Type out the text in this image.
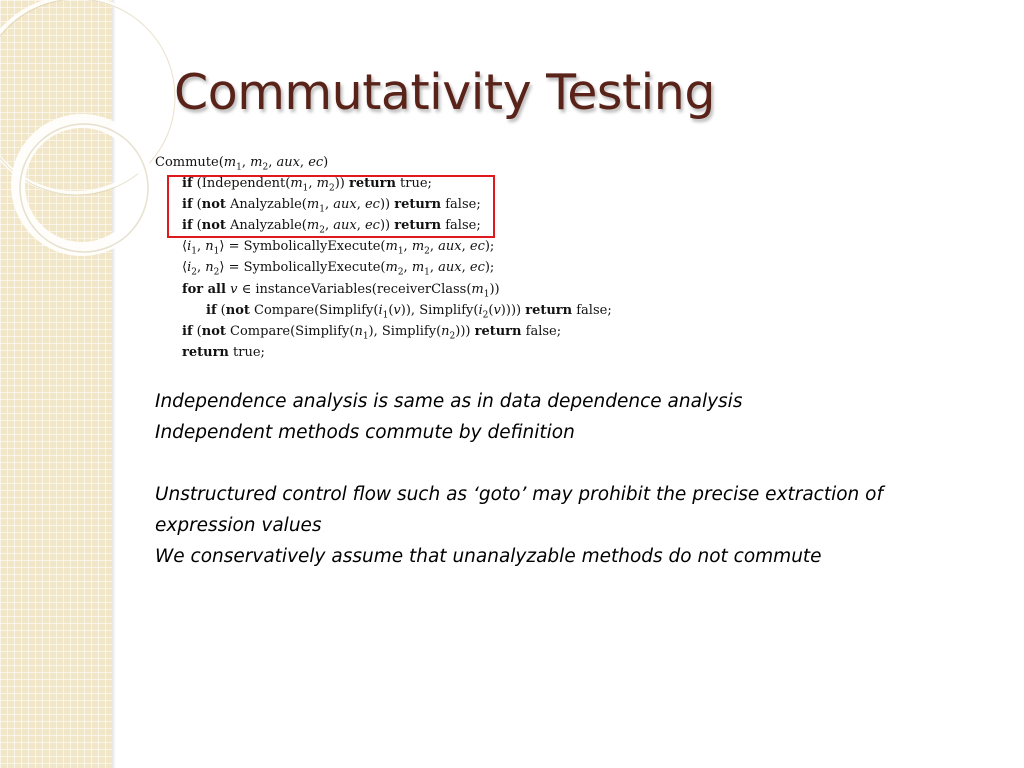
Commutativity Testing
$Commute(m_1$, $m_2$, aux, ec)
if ($Independent(m_1$, $m_2$)) return true;
if (not $Analyzable(m_1$, aux, ec)) return false;
if (not $Analyzable(m_2$, aux, ec)) return false;
$⟨i_1$, $n_1⟩$ = $SymbolicallyExecute(m_1$, $m_2$, aux, ec);
$⟨i_2$, $n_2⟩$ = $SymbolicallyExecute(m_2$, $m_1$, aux, ec);
for all v ∈ $instanceVariables(receiverClass(m_1))$
if (not $Compare(Simplify(i_1(v))$, $Simplify(i_2(v))$)) return false;
if (not $Compare(Simplify(n_1)$, $Simplify(n_2)$)) return false;
return true;

Independence analysis is same as in data dependence analysis

Independent methods commute by definition

Unstructured control flow such as ‘goto’ may prohibit the precise extraction of expression values

We conservatively assume that unanalyzable methods do not commute
